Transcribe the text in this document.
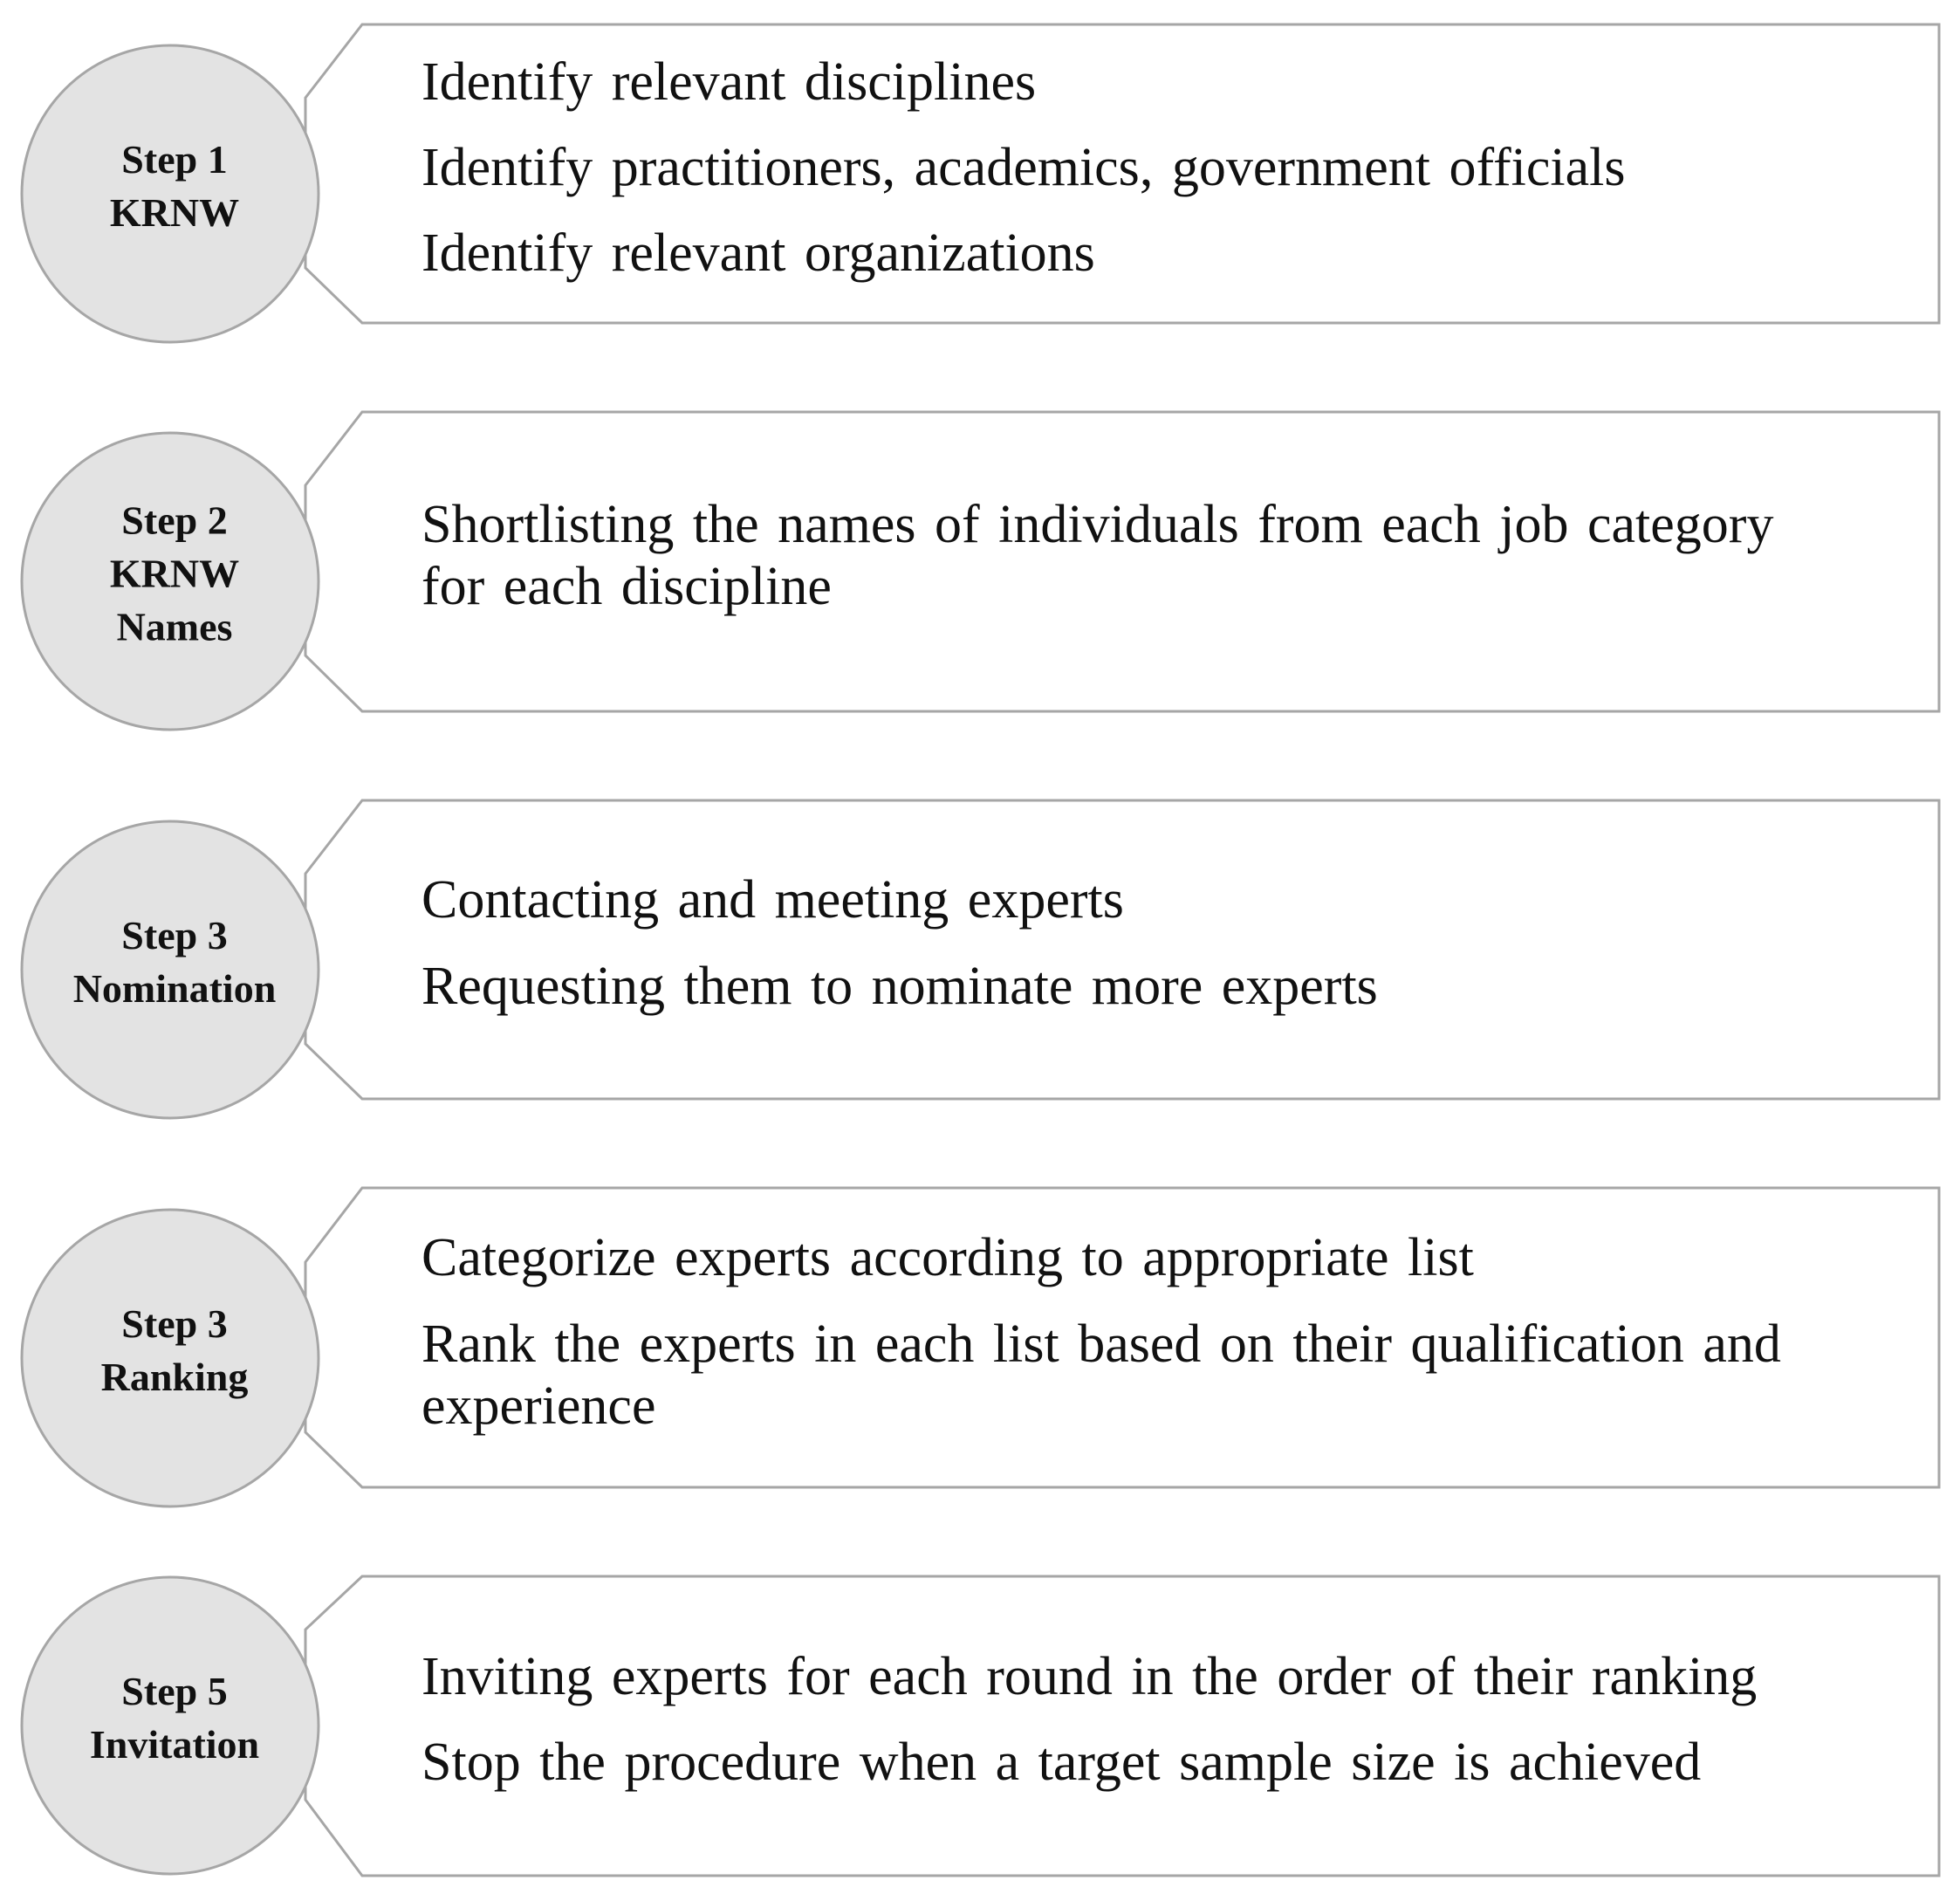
Step 1
KRNW
Identify relevant disciplines
Identify practitioners, academics, government officials
Identify relevant organizations
Step 2
KRNW
Names
Shortlisting the names of individuals from each job category
for each discipline
Step 3
Nomination
Contacting and meeting experts
Requesting them to nominate more experts
Step 3
Ranking
Categorize experts according to appropriate list
Rank the experts in each list based on their qualification and
experience
Step 5
Invitation
Inviting experts for each round in the order of their ranking
Stop the procedure when a target sample size is achieved
